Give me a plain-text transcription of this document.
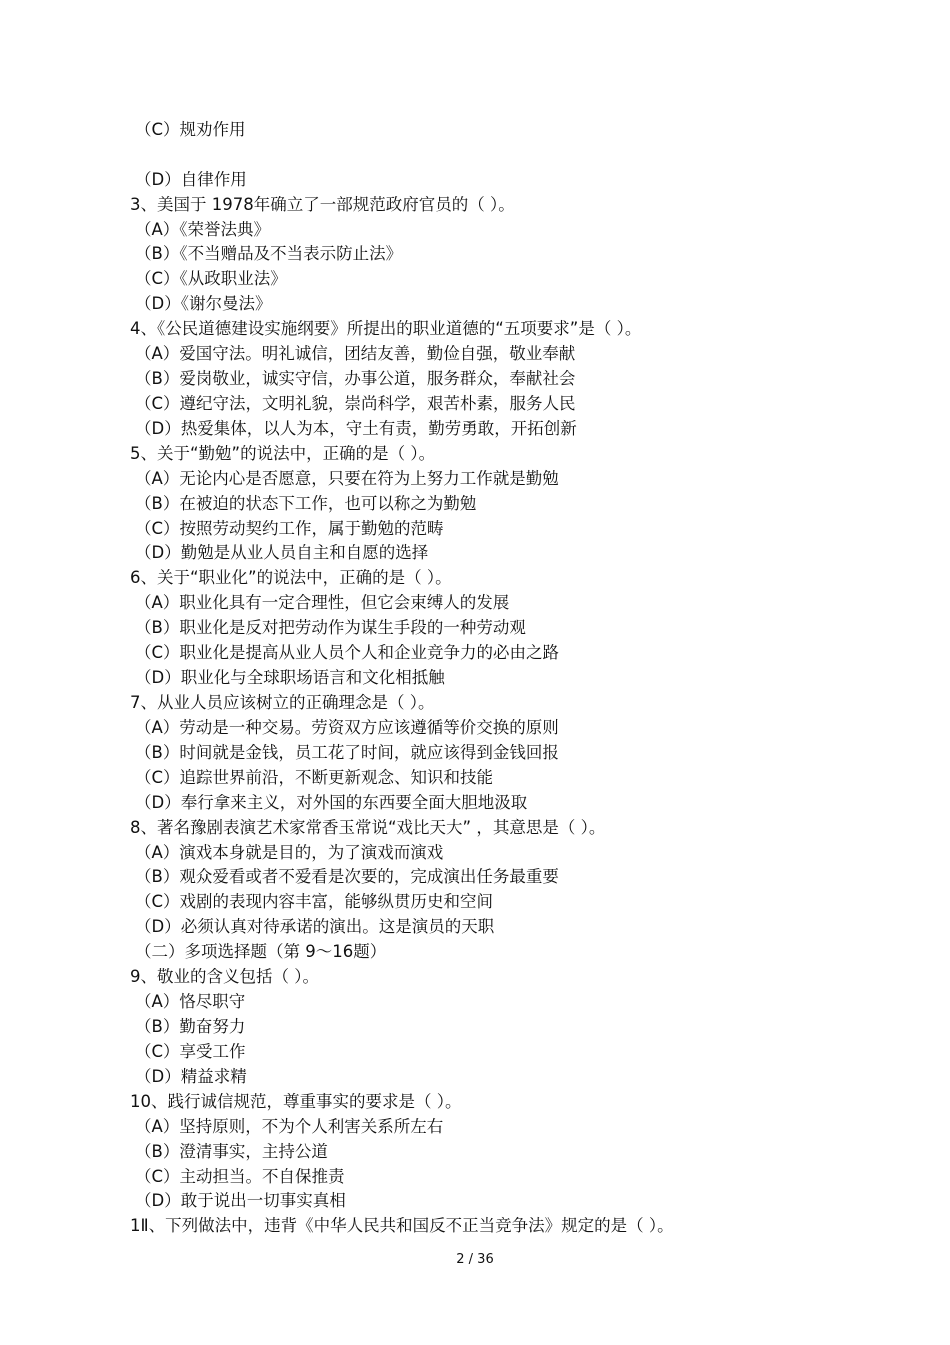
（C）规劝作用
（D）自律作用
3、美国于 1978年确立了一部规范政府官员的（ ）。
（A）《荣誉法典》
（B）《不当赠品及不当表示防止法》
（C）《从政职业法》
（D）《谢尔曼法》
4、《公民道德建设实施纲要》所提出的职业道德的“五项要求”是（ ）。
（A）爱国守法。明礼诚信，团结友善，勤俭自强，敬业奉献
（B）爱岗敬业，诚实守信，办事公道，服务群众，奉献社会
（C）遵纪守法，文明礼貌，崇尚科学，艰苦朴素，服务人民
（D）热爱集体，以人为本，守土有责，勤劳勇敢，开拓创新
5、关于“勤勉”的说法中，正确的是（ ）。
（A）无论内心是否愿意，只要在符为上努力工作就是勤勉
（B）在被迫的状态下工作，也可以称之为勤勉
（C）按照劳动契约工作，属于勤勉的范畴
（D）勤勉是从业人员自主和自愿的选择
6、关于“职业化”的说法中，正确的是（ ）。
（A）职业化具有一定合理性，但它会束缚人的发展
（B）职业化是反对把劳动作为谋生手段的一种劳动观
（C）职业化是提高从业人员个人和企业竞争力的必由之路
（D）职业化与全球职场语言和文化相抵触
7、从业人员应该树立的正确理念是（ ）。
（A）劳动是一种交易。劳资双方应该遵循等价交换的原则
（B）时间就是金钱，员工花了时间，就应该得到金钱回报
（C）追踪世界前沿，不断更新观念、知识和技能
（D）奉行拿来主义，对外国的东西要全面大胆地汲取
8、著名豫剧表演艺术家常香玉常说“戏比天大” ，其意思是（ ）。
（A）演戏本身就是目的，为了演戏而演戏
（B）观众爱看或者不爱看是次要的，完成演出任务最重要
（C）戏剧的表现内容丰富，能够纵贯历史和空间
（D）必须认真对待承诺的演出。这是演员的天职
（二）多项选择题（第 9～16题）
9、敬业的含义包括（ ）。
（A）恪尽职守
（B）勤奋努力
（C）享受工作
（D）精益求精
10、践行诚信规范，尊重事实的要求是（ ）。
（A）坚持原则，不为个人利害关系所左右
（B）澄清事实，主持公道
（C）主动担当。不自保推责
（D）敢于说出一切事实真相
1Ⅱ、下列做法中，违背《中华人民共和国反不正当竞争法》规定的是（ ）。
2 / 36
